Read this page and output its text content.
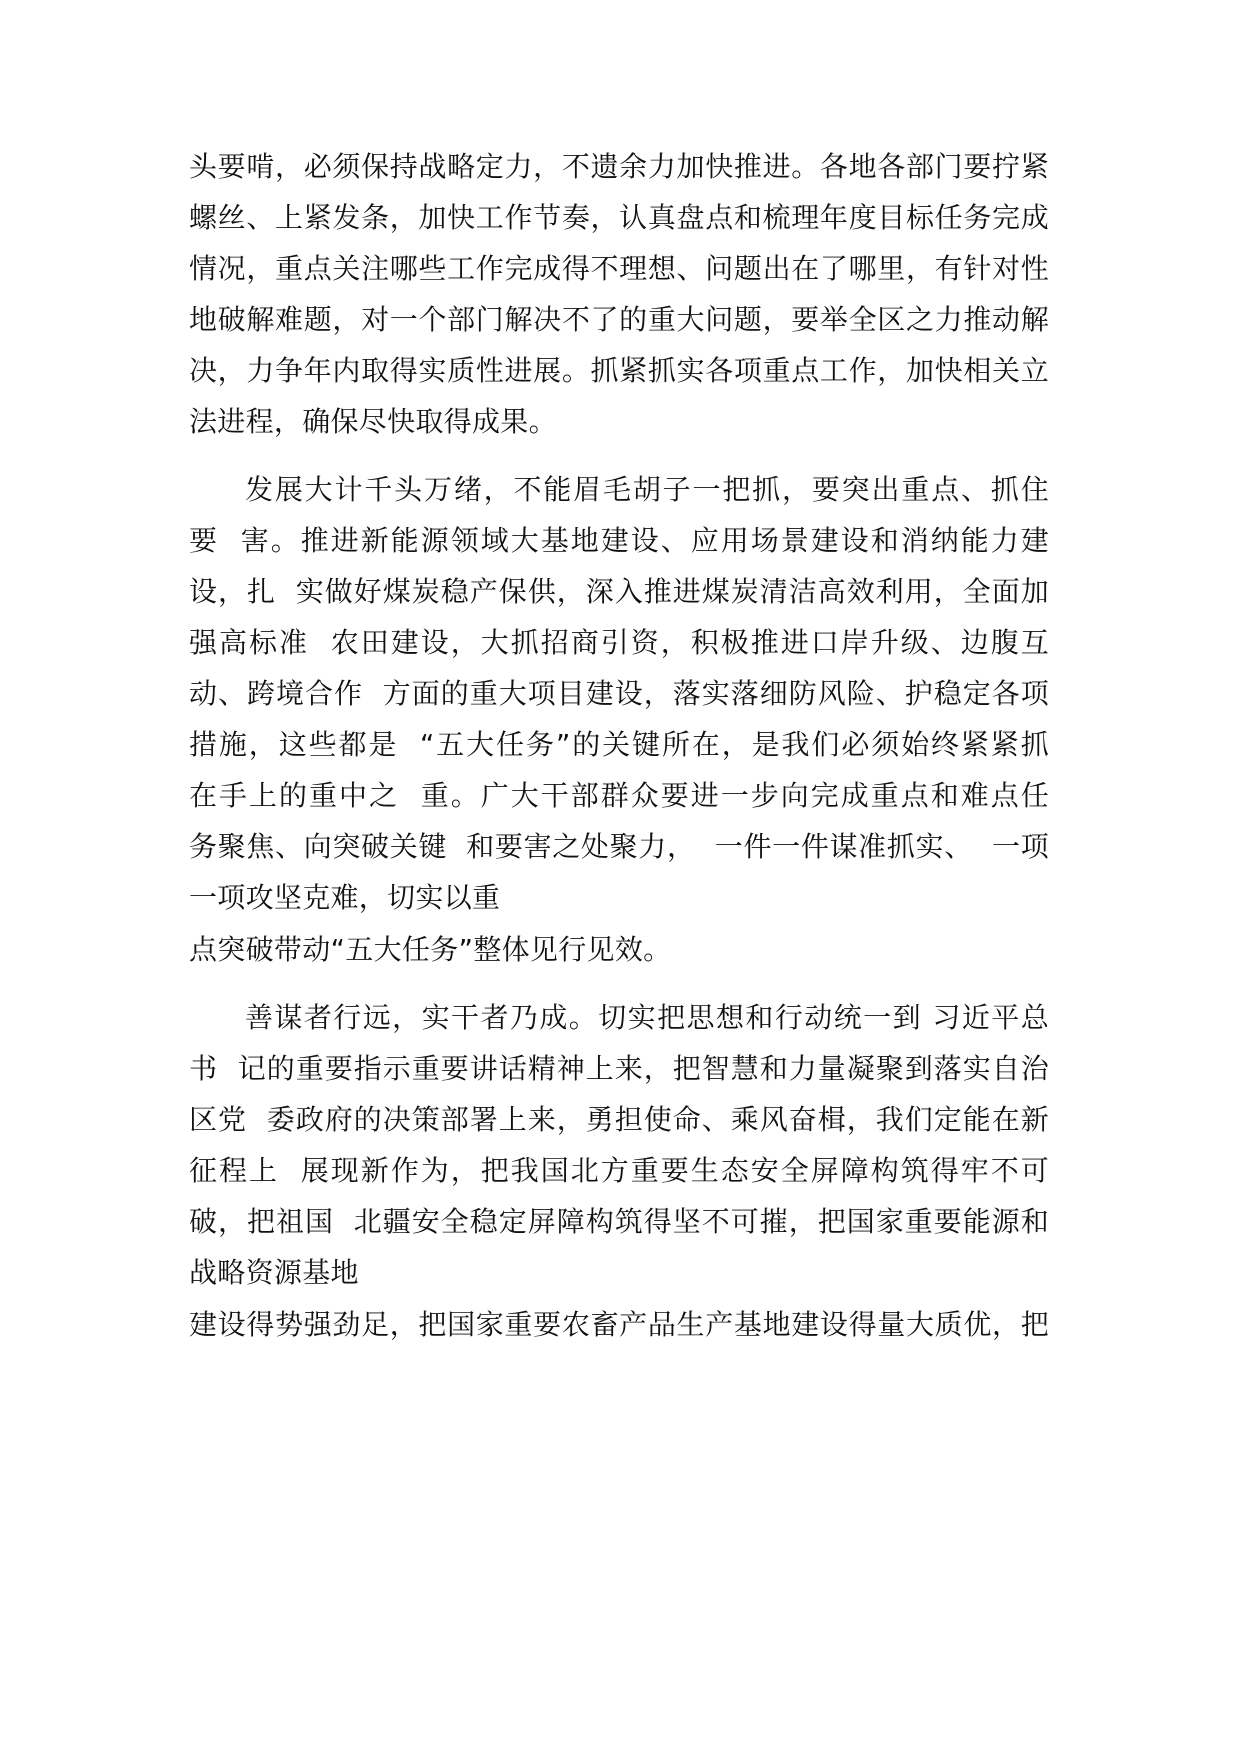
头要啃，必须保持战略定力，不遗余力加快推进。各地各部门要拧紧
螺丝、上紧发条，加快工作节奏，认真盘点和梳理年度目标任务完成
情况，重点关注哪些工作完成得不理想、问题出在了哪里，有针对性
地破解难题，对一个部门解决不了的重大问题，要举全区之力推动解
决，力争年内取得实质性进展。抓紧抓实各项重点工作，加快相关立
法进程，确保尽快取得成果。
发展大计千头万绪，不能眉毛胡子一把抓，要突出重点、抓住
要  害。推进新能源领域大基地建设、应用场景建设和消纳能力建
设，扎  实做好煤炭稳产保供，深入推进煤炭清洁高效利用，全面加
强高标准  农田建设，大抓招商引资，积极推进口岸升级、边腹互
动、跨境合作  方面的重大项目建设，落实落细防风险、护稳定各项
措施，这些都是  “五大任务”的关键所在，是我们必须始终紧紧抓
在手上的重中之  重。广大干部群众要进一步向完成重点和难点任
务聚焦、向突破关键  和要害之处聚力，  一件一件谋准抓实、  一项
一项攻坚克难，切实以重
点突破带动“五大任务”整体见行见效。
善谋者行远，实干者乃成。切实把思想和行动统一到 习近平总
书  记的重要指示重要讲话精神上来，把智慧和力量凝聚到落实自治
区党  委政府的决策部署上来，勇担使命、乘风奋楫，我们定能在新
征程上  展现新作为，把我国北方重要生态安全屏障构筑得牢不可
破，把祖国  北疆安全稳定屏障构筑得坚不可摧，把国家重要能源和
战略资源基地
建设得势强劲足，把国家重要农畜产品生产基地建设得量大质优，把
